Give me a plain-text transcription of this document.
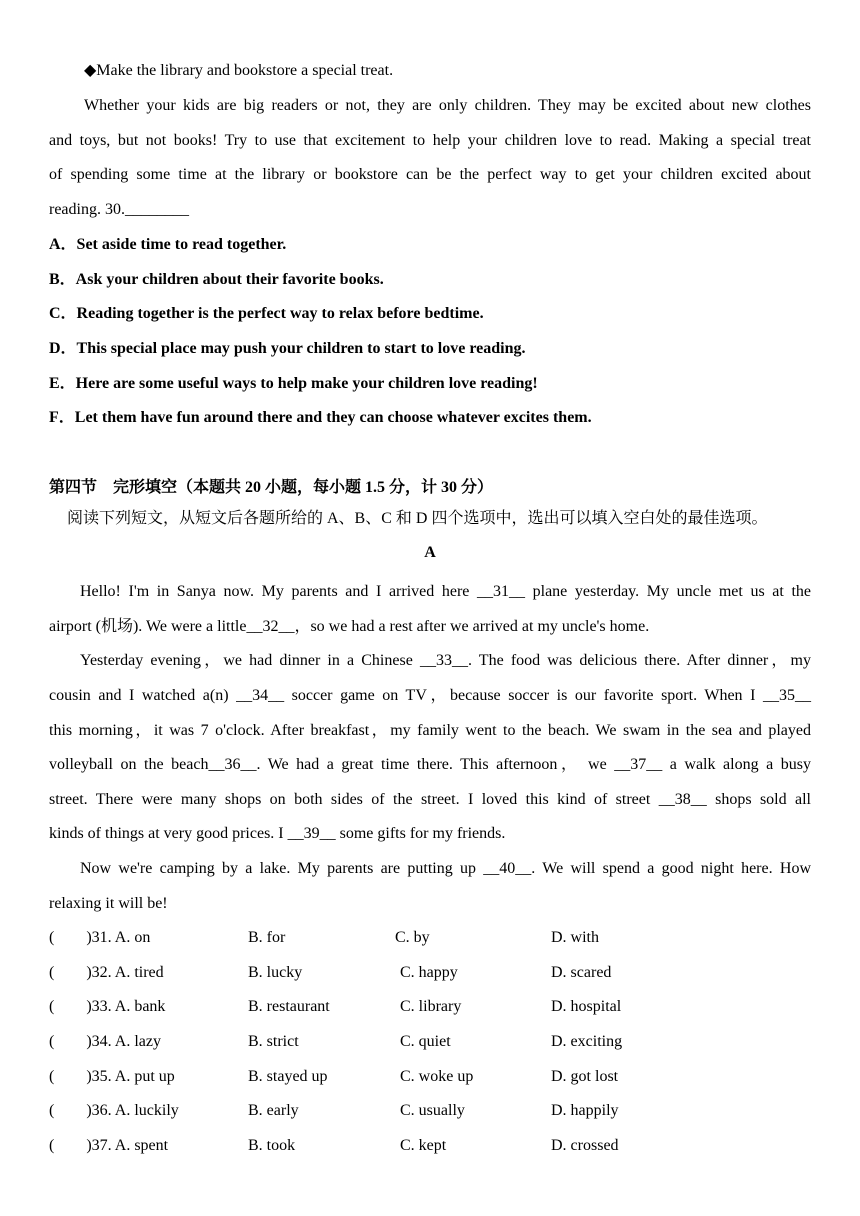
◆Make the library and bookstore a special treat.
Whether your kids are big readers or not, they are only children. They may be excited about new clothes
and toys, but not books! Try to use that excitement to help your children love to read. Making a special treat
of spending some time at the library or bookstore can be the perfect way to get your children excited about
reading. 30.________
A．Set aside time to read together.
B．Ask your children about their favorite books.
C．Reading together is the perfect way to relax before bedtime.
D．This special place may push your children to start to love reading.
E．Here are some useful ways to help make your children love reading!
F．Let them have fun around there and they can choose whatever excites them.
第四节　完形填空（本题共 20 小题，每小题 1.5 分，计 30 分）
阅读下列短文，从短文后各题所给的 A、B、C 和 D 四个选项中，选出可以填入空白处的最佳选项。
A
Hello! I'm in Sanya now. My parents and I arrived here __31__ plane yesterday. My uncle met us at the
airport (机场). We were a little__32__，so we had a rest after we arrived at my uncle's home.
Yesterday evening，we had dinner in a Chinese __33__. The food was delicious there. After dinner，my
cousin and I watched a(n) __34__ soccer game on TV，because soccer is our favorite sport. When I __35__
this morning，it was 7 o'clock. After breakfast，my family went to the beach. We swam in the sea and played
volleyball on the beach__36__. We had a great time there. This afternoon， we __37__ a walk along a busy
street. There were many shops on both sides of the street. I loved this kind of street __38__ shops sold all
kinds of things at very good prices. I __39__ some gifts for my friends.
Now we're camping by a lake. My parents are putting up __40__. We will spend a good night here. How
relaxing it will be!
(　　)31. A. on	B. for	C. by	D. with
(　　)32. A. tired	B. lucky	C. happy	D. scared
(　　)33. A. bank	B. restaurant	C. library	D. hospital
(　　)34. A. lazy	B. strict	C. quiet	D. exciting
(　　)35. A. put up	B. stayed up	C. woke up	D. got lost
(　　)36. A. luckily	B. early	C. usually	D. happily
(　　)37. A. spent	B. took	C. kept	D. crossed
